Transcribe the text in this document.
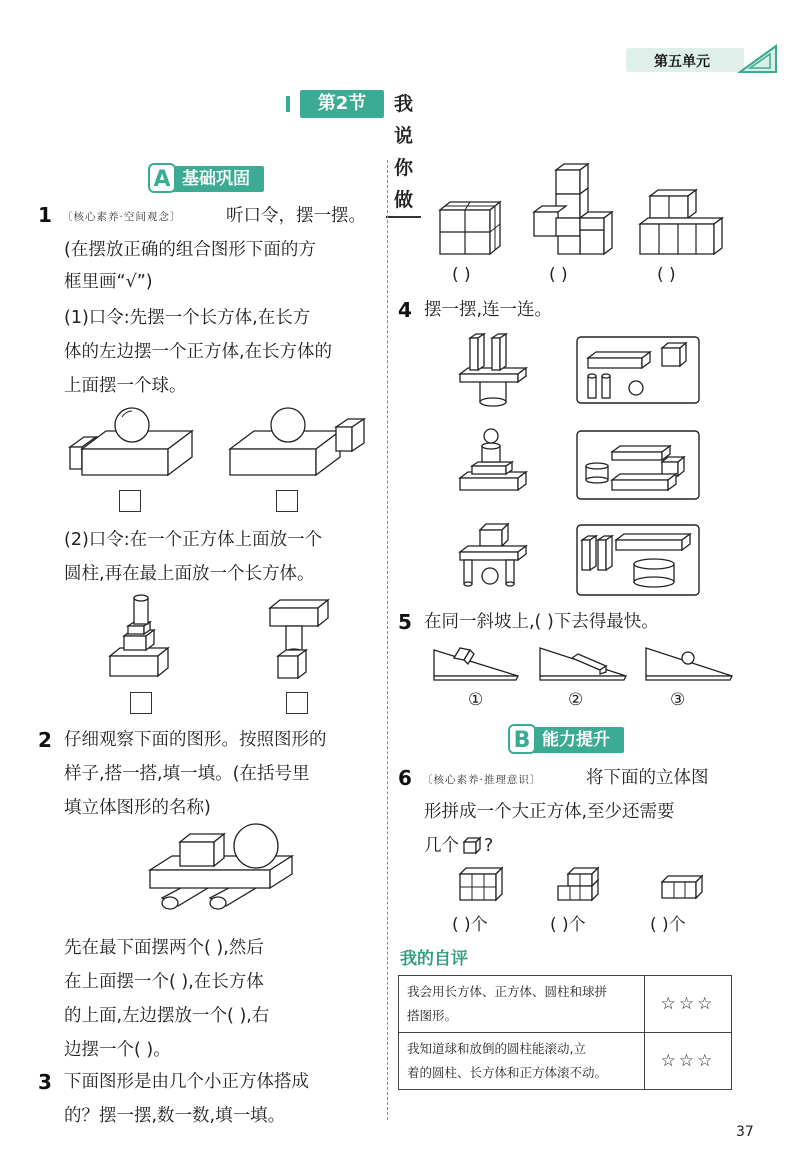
第五单元
第2节	我说你做
A 基础巩固
1 〔核心素养·空间观念〕	听口令，摆一摆。
(在摆放正确的组合图形下面的方
框里画“√”)
(1)口令:先摆一个长方体,在长方
体的左边摆一个正方体,在长方体的
上面摆一个球。
(2)口令:在一个正方体上面放一个
圆柱,再在最上面放一个长方体。
2 仔细观察下面的图形。按照图形的
样子,搭一搭,填一填。(在括号里
填立体图形的名称)
先在最下面摆两个( ),然后
在上面摆一个( ),在长方体
的上面,左边摆放一个( ),右
边摆一个( )。
3 下面图形是由几个小正方体搭成
的？摆一摆,数一数,填一填。
( )	( )	( )
4 摆一摆,连一连。
5 在同一斜坡上,( )下去得最快。
①	②	③
B 能力提升
6 〔核心素养·推理意识〕	将下面的立体图
形拼成一个大正方体,至少还需要
几个 ?
( )个	( )个	( )个
我的自评
我会用长方体、正方体、圆柱和球拼
搭图形。	☆☆☆
我知道球和放倒的圆柱能滚动,立
着的圆柱、长方体和正方体滚不动。	☆☆☆
37
